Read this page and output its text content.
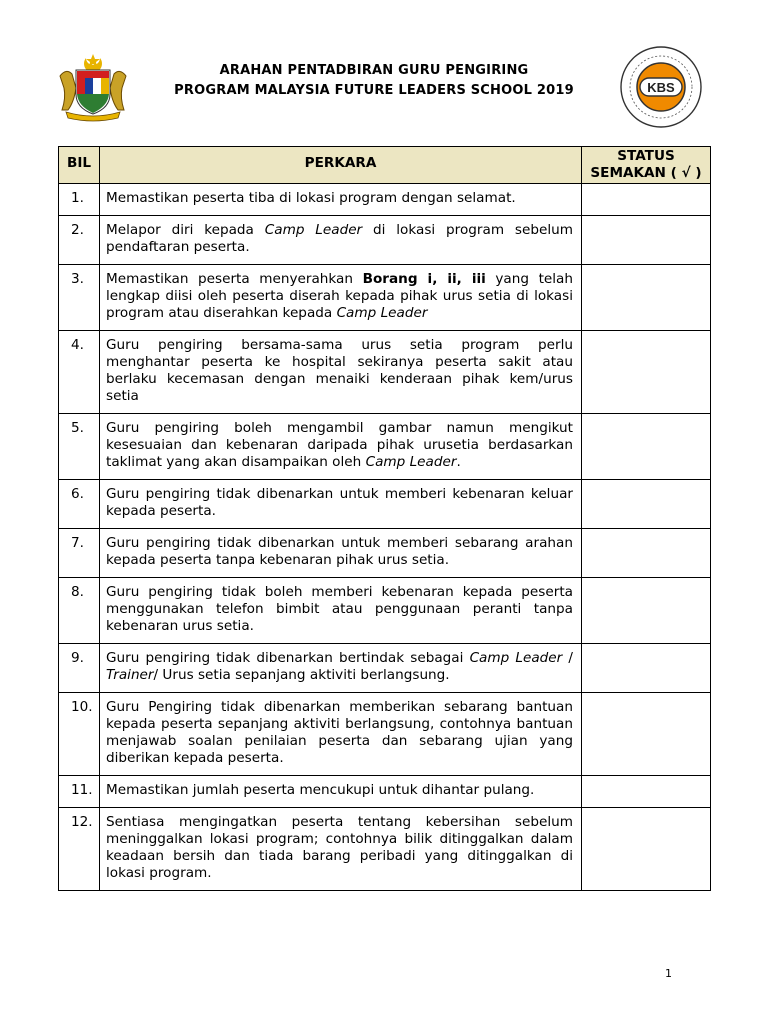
KBS
ARAHAN PENTADBIRAN GURU PENGIRING
PROGRAM MALAYSIA FUTURE LEADERS SCHOOL 2019
BIL	PERKARA	STATUS
SEMAKAN ( √ )

1.	Memastikan peserta tiba di lokasi program dengan selamat.	
2.	Melapor diri kepada Camp Leader di lokasi program sebelum pendaftaran peserta.	
3.	Memastikan peserta menyerahkan Borang i, ii, iii yang telah lengkap diisi oleh peserta diserah kepada pihak urus setia di lokasi program atau diserahkan kepada Camp Leader	
4.	Guru pengiring bersama-sama urus setia program perlu menghantar peserta ke hospital sekiranya peserta sakit atau berlaku kecemasan dengan menaiki kenderaan pihak kem/urus setia	
5.	Guru pengiring boleh mengambil gambar namun mengikut kesesuaian dan kebenaran daripada pihak urusetia berdasarkan taklimat yang akan disampaikan oleh Camp Leader.	
6.	Guru pengiring tidak dibenarkan untuk memberi kebenaran keluar kepada peserta.	
7.	Guru pengiring tidak dibenarkan untuk memberi sebarang arahan kepada peserta tanpa kebenaran pihak urus setia.	
8.	Guru pengiring tidak boleh memberi kebenaran kepada peserta menggunakan telefon bimbit atau penggunaan peranti tanpa kebenaran urus setia.	
9.	Guru pengiring tidak dibenarkan bertindak sebagai Camp Leader / Trainer/ Urus setia sepanjang aktiviti berlangsung.	
10.	Guru Pengiring tidak dibenarkan memberikan sebarang bantuan kepada peserta sepanjang aktiviti berlangsung, contohnya bantuan menjawab soalan penilaian peserta dan sebarang ujian yang diberikan kepada peserta.	
11.	Memastikan jumlah peserta mencukupi untuk dihantar pulang.	
12.	Sentiasa mengingatkan peserta tentang kebersihan sebelum meninggalkan lokasi program; contohnya bilik ditinggalkan dalam keadaan bersih dan tiada barang peribadi yang ditinggalkan di lokasi program.	
1
